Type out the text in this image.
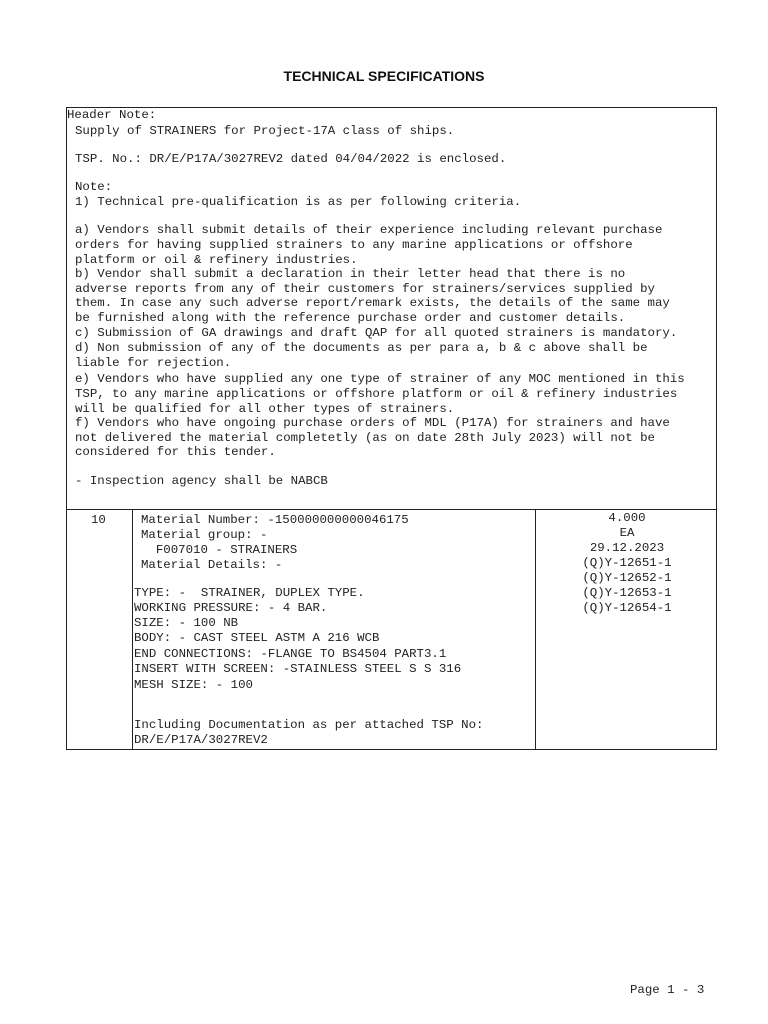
TECHNICAL SPECIFICATIONS
Header Note:
Supply of STRAINERS for Project-17A class of ships.
TSP. No.: DR/E/P17A/3027REV2 dated 04/04/2022 is enclosed.
Note:
1) Technical pre-qualification is as per following criteria.
a) Vendors shall submit details of their experience including relevant purchase
orders for having supplied strainers to any marine applications or offshore
platform or oil & refinery industries.
b) Vendor shall submit a declaration in their letter head that there is no
adverse reports from any of their customers for strainers/services supplied by
them. In case any such adverse report/remark exists, the details of the same may
be furnished along with the reference purchase order and customer details.
c) Submission of GA drawings and draft QAP for all quoted strainers is mandatory.
d) Non submission of any of the documents as per para a, b & c above shall be
liable for rejection.
e) Vendors who have supplied any one type of strainer of any MOC mentioned in this
TSP, to any marine applications or offshore platform or oil & refinery industries
will be qualified for all other types of strainers.
f) Vendors who have ongoing purchase orders of MDL (P17A) for strainers and have
not delivered the material completetly (as on date 28th July 2023) will not be
considered for this tender.
- Inspection agency shall be NABCB
10	Material Number: -150000000000046175
Material group: -
F007010 - STRAINERS
Material Details: -
TYPE: -  STRAINER, DUPLEX TYPE.
WORKING PRESSURE: - 4 BAR.
SIZE: - 100 NB
BODY: - CAST STEEL ASTM A 216 WCB
END CONNECTIONS: -FLANGE TO BS4504 PART3.1
INSERT WITH SCREEN: -STAINLESS STEEL S S 316
MESH SIZE: - 100
Including Documentation as per attached TSP No:
DR/E/P17A/3027REV2
4.000
EA
29.12.2023
(Q)Y-12651-1
(Q)Y-12652-1
(Q)Y-12653-1
(Q)Y-12654-1
Page 1 - 3
